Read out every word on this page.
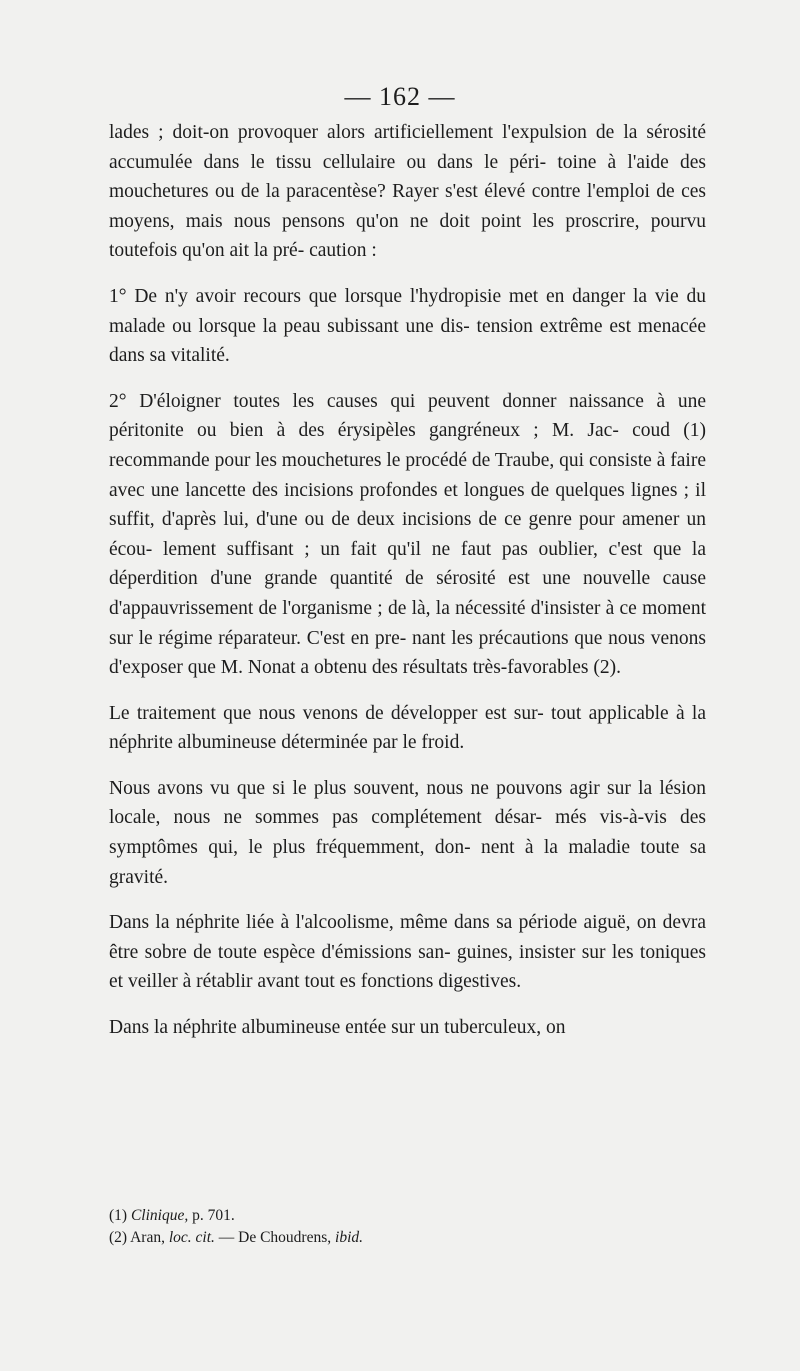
— 162 —

lades ; doit-on provoquer alors artificiellement l'expulsion de la sérosité accumulée dans le tissu cellulaire ou dans le péri- toine à l'aide des mouchetures ou de la paracentèse? Rayer s'est élevé contre l'emploi de ces moyens, mais nous pensons qu'on ne doit point les proscrire, pourvu toutefois qu'on ait la pré- caution :

1° De n'y avoir recours que lorsque l'hydropisie met en danger la vie du malade ou lorsque la peau subissant une dis- tension extrême est menacée dans sa vitalité.

2° D'éloigner toutes les causes qui peuvent donner naissance à une péritonite ou bien à des érysipèles gangréneux ; M. Jac- coud (1) recommande pour les mouchetures le procédé de Traube, qui consiste à faire avec une lancette des incisions profondes et longues de quelques lignes ; il suffit, d'après lui, d'une ou de deux incisions de ce genre pour amener un écou- lement suffisant ; un fait qu'il ne faut pas oublier, c'est que la déperdition d'une grande quantité de sérosité est une nouvelle cause d'appauvrissement de l'organisme ; de là, la nécessité d'insister à ce moment sur le régime réparateur. C'est en pre- nant les précautions que nous venons d'exposer que M. Nonat a obtenu des résultats très-favorables (2).

Le traitement que nous venons de développer est sur- tout applicable à la néphrite albumineuse déterminée par le froid.

Nous avons vu que si le plus souvent, nous ne pouvons agir sur la lésion locale, nous ne sommes pas complétement désar- més vis-à-vis des symptômes qui, le plus fréquemment, don- nent à la maladie toute sa gravité.

Dans la néphrite liée à l'alcoolisme, même dans sa période aiguë, on devra être sobre de toute espèce d'émissions san- guines, insister sur les toniques et veiller à rétablir avant tout es fonctions digestives.

Dans la néphrite albumineuse entée sur un tuberculeux, on

(1) Clinique, p. 701.

(2) Aran, loc. cit. — De Choudrens, ibid.
